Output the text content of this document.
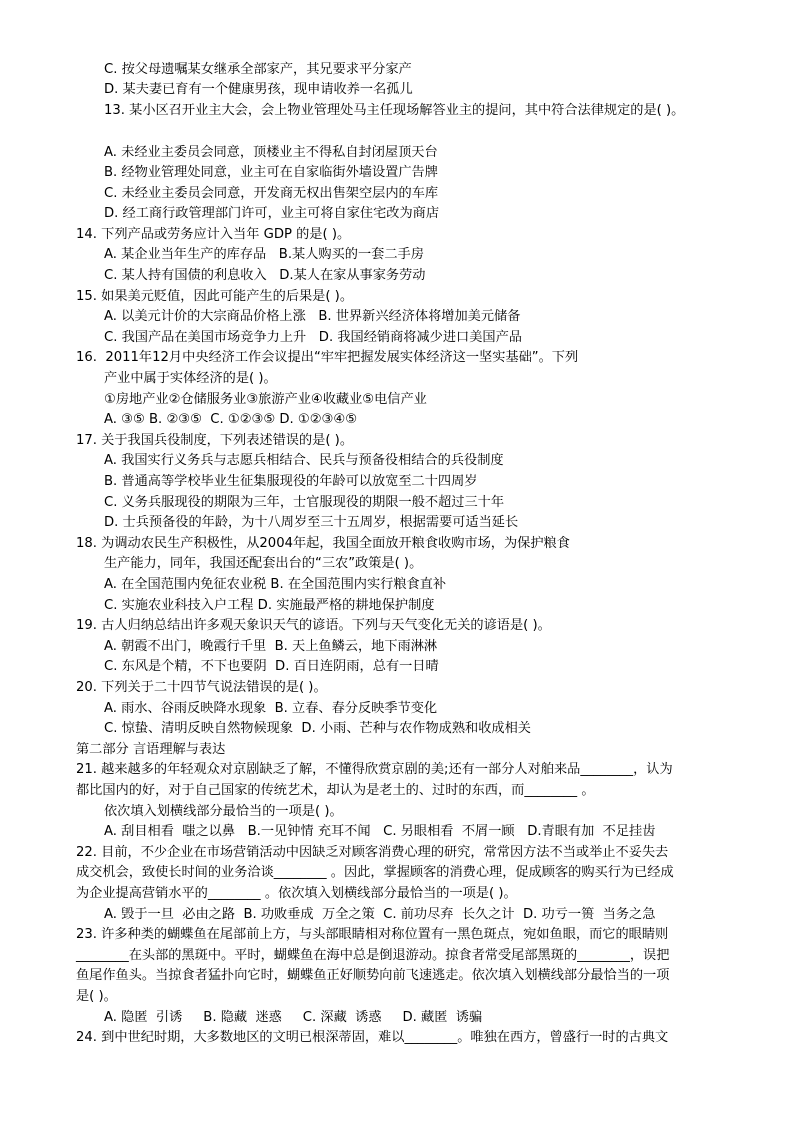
C. 按父母遗嘱某女继承全部家产，其兄要求平分家产
D. 某夫妻已育有一个健康男孩，现申请收养一名孤儿
13. 某小区召开业主大会，会上物业管理处马主任现场解答业主的提问，其中符合法律规定的是( )。
A. 未经业主委员会同意，顶楼业主不得私自封闭屋顶天台
B. 经物业管理处同意，业主可在自家临街外墙设置广告牌
C. 未经业主委员会同意，开发商无权出售架空层内的车库
D. 经工商行政管理部门许可，业主可将自家住宅改为商店
14. 下列产品或劳务应计入当年 GDP 的是( )。
A. 某企业当年生产的库存品   B.某人购买的一套二手房
C. 某人持有国债的利息收入   D.某人在家从事家务劳动
15. 如果美元贬值，因此可能产生的后果是( )。
A. 以美元计价的大宗商品价格上涨   B. 世界新兴经济体将增加美元储备
C. 我国产品在美国市场竞争力上升   D. 我国经销商将减少进口美国产品
16.  2011年12月中央经济工作会议提出“牢牢把握发展实体经济这一坚实基础”。下列
产业中属于实体经济的是( )。
①房地产业②仓储服务业③旅游产业④收藏业⑤电信产业
A. ③⑤ B. ②③⑤  C. ①②③⑤ D. ①②③④⑤
17. 关于我国兵役制度，下列表述错误的是( )。
A. 我国实行义务兵与志愿兵相结合、民兵与预备役相结合的兵役制度
B. 普通高等学校毕业生征集服现役的年龄可以放宽至二十四周岁
C. 义务兵服现役的期限为三年，士官服现役的期限一般不超过三十年
D. 士兵预备役的年龄，为十八周岁至三十五周岁，根据需要可适当延长
18. 为调动农民生产积极性，从2004年起，我国全面放开粮食收购市场，为保护粮食
生产能力，同年，我国还配套出台的“三农”政策是( )。
A. 在全国范围内免征农业税 B. 在全国范围内实行粮食直补
C. 实施农业科技入户工程 D. 实施最严格的耕地保护制度
19. 古人归纳总结出许多观天象识天气的谚语。下列与天气变化无关的谚语是( )。
A. 朝霞不出门，晚霞行千里  B. 天上鱼鳞云，地下雨淋淋
C. 东风是个精，不下也要阴  D. 百日连阴雨，总有一日晴
20. 下列关于二十四节气说法错误的是( )。
A. 雨水、谷雨反映降水现象  B. 立春、春分反映季节变化
C. 惊蛰、清明反映自然物候现象  D. 小雨、芒种与农作物成熟和收成相关
第二部分 言语理解与表达
21. 越来越多的年轻观众对京剧缺乏了解，不懂得欣赏京剧的美;还有一部分人对舶来品________，认为
都比国内的好，对于自己国家的传统艺术，却认为是老土的、过时的东西，而________ 。
依次填入划横线部分最恰当的一项是( )。
A. 刮目相看  嗤之以鼻   B.一见钟情 充耳不闻   C. 另眼相看  不屑一顾   D.青眼有加  不足挂齿
22. 目前，不少企业在市场营销活动中因缺乏对顾客消费心理的研究，常常因方法不当或举止不妥失去
成交机会，致使长时间的业务洽谈________ 。因此，掌握顾客的消费心理，促成顾客的购买行为已经成
为企业提高营销水平的________ 。依次填入划横线部分最恰当的一项是( )。
A. 毁于一旦  必由之路  B. 功败垂成  万全之策  C. 前功尽弃  长久之计  D. 功亏一篑  当务之急
23. 许多种类的蝴蝶鱼在尾部前上方，与头部眼睛相对称位置有一黑色斑点，宛如鱼眼，而它的眼睛则
________在头部的黑斑中。平时，蝴蝶鱼在海中总是倒退游动。掠食者常受尾部黑斑的________，误把
鱼尾作鱼头。当掠食者猛扑向它时，蝴蝶鱼正好顺势向前飞速逃走。依次填入划横线部分最恰当的一项
是( )。
A. 隐匿  引诱     B. 隐藏  迷惑     C. 深藏  诱惑     D. 藏匿  诱骗
24. 到中世纪时期，大多数地区的文明已根深蒂固，难以________。唯独在西方，曾盛行一时的古典文
